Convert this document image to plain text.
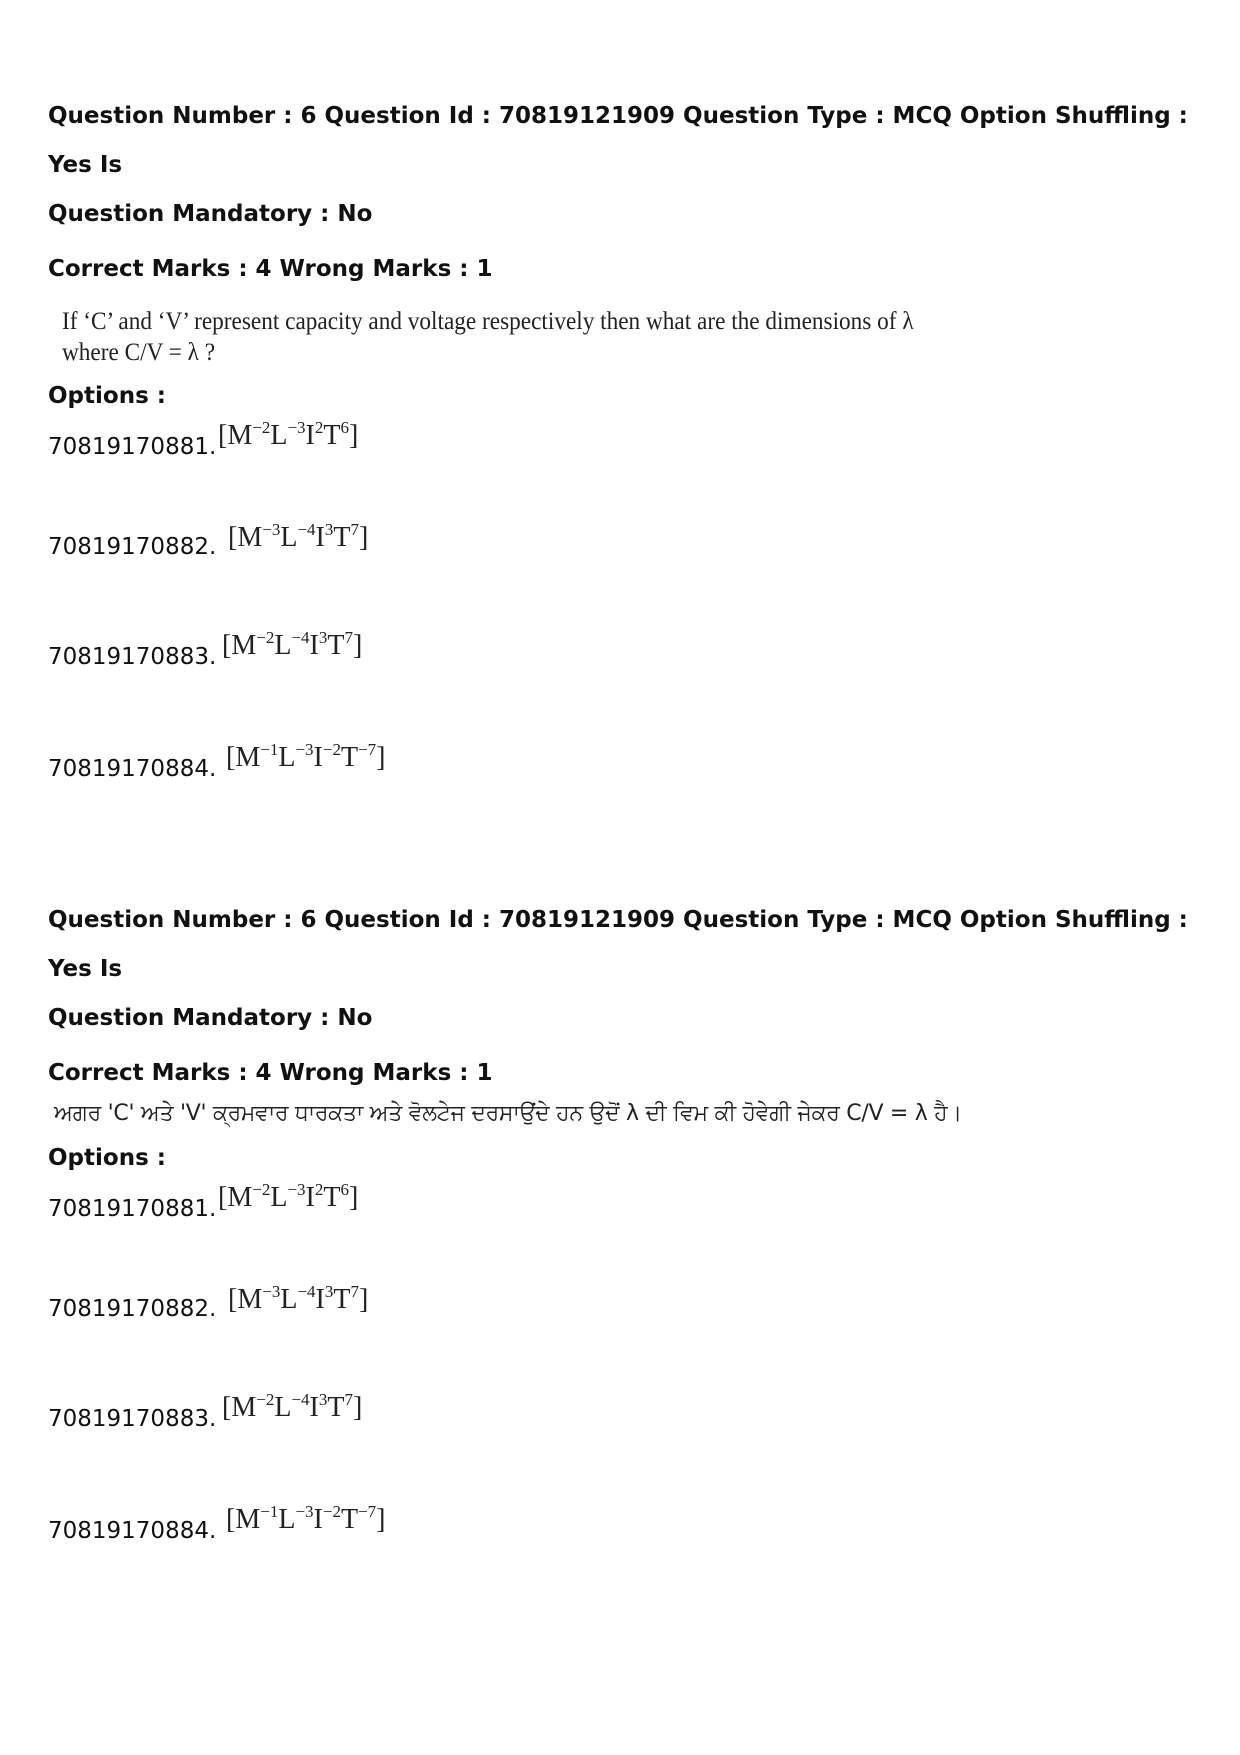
Question Number : 6 Question Id : 70819121909 Question Type : MCQ Option Shuffling : Yes Is

Question Mandatory : No

Correct Marks : 4 Wrong Marks : 1

If ‘C’ and ‘V’ represent capacity and voltage respectively then what are the dimensions of λ
where C/V = λ ?

Options :

70819170881. $[M^{-2}L^{-3}I^2T^6]$
70819170882. $[M^{-3}L^{-4}I^3T^7]$
70819170883. $[M^{-2}L^{-4}I^3T^7]$
70819170884. $[M^{-1}L^{-3}I^{-2}T^{-7}]$

Question Number : 6 Question Id : 70819121909 Question Type : MCQ Option Shuffling : Yes Is

Question Mandatory : No

Correct Marks : 4 Wrong Marks : 1

ਅਗਰ 'C' ਅਤੇ 'V' ਕ੍ਰਮਵਾਰ ਧਾਰਕਤਾ ਅਤੇ ਵੋਲਟੇਜ ਦਰਸਾਉਂਦੇ ਹਨ ਉਦੋਂ λ ਦੀ ਵਿਮ ਕੀ ਹੋਵੇਗੀ ਜੇਕਰ C/V = λ ਹੈ।

Options :

70819170881. $[M^{-2}L^{-3}I^2T^6]$
70819170882. $[M^{-3}L^{-4}I^3T^7]$
70819170883. $[M^{-2}L^{-4}I^3T^7]$
70819170884. $[M^{-1}L^{-3}I^{-2}T^{-7}]$
